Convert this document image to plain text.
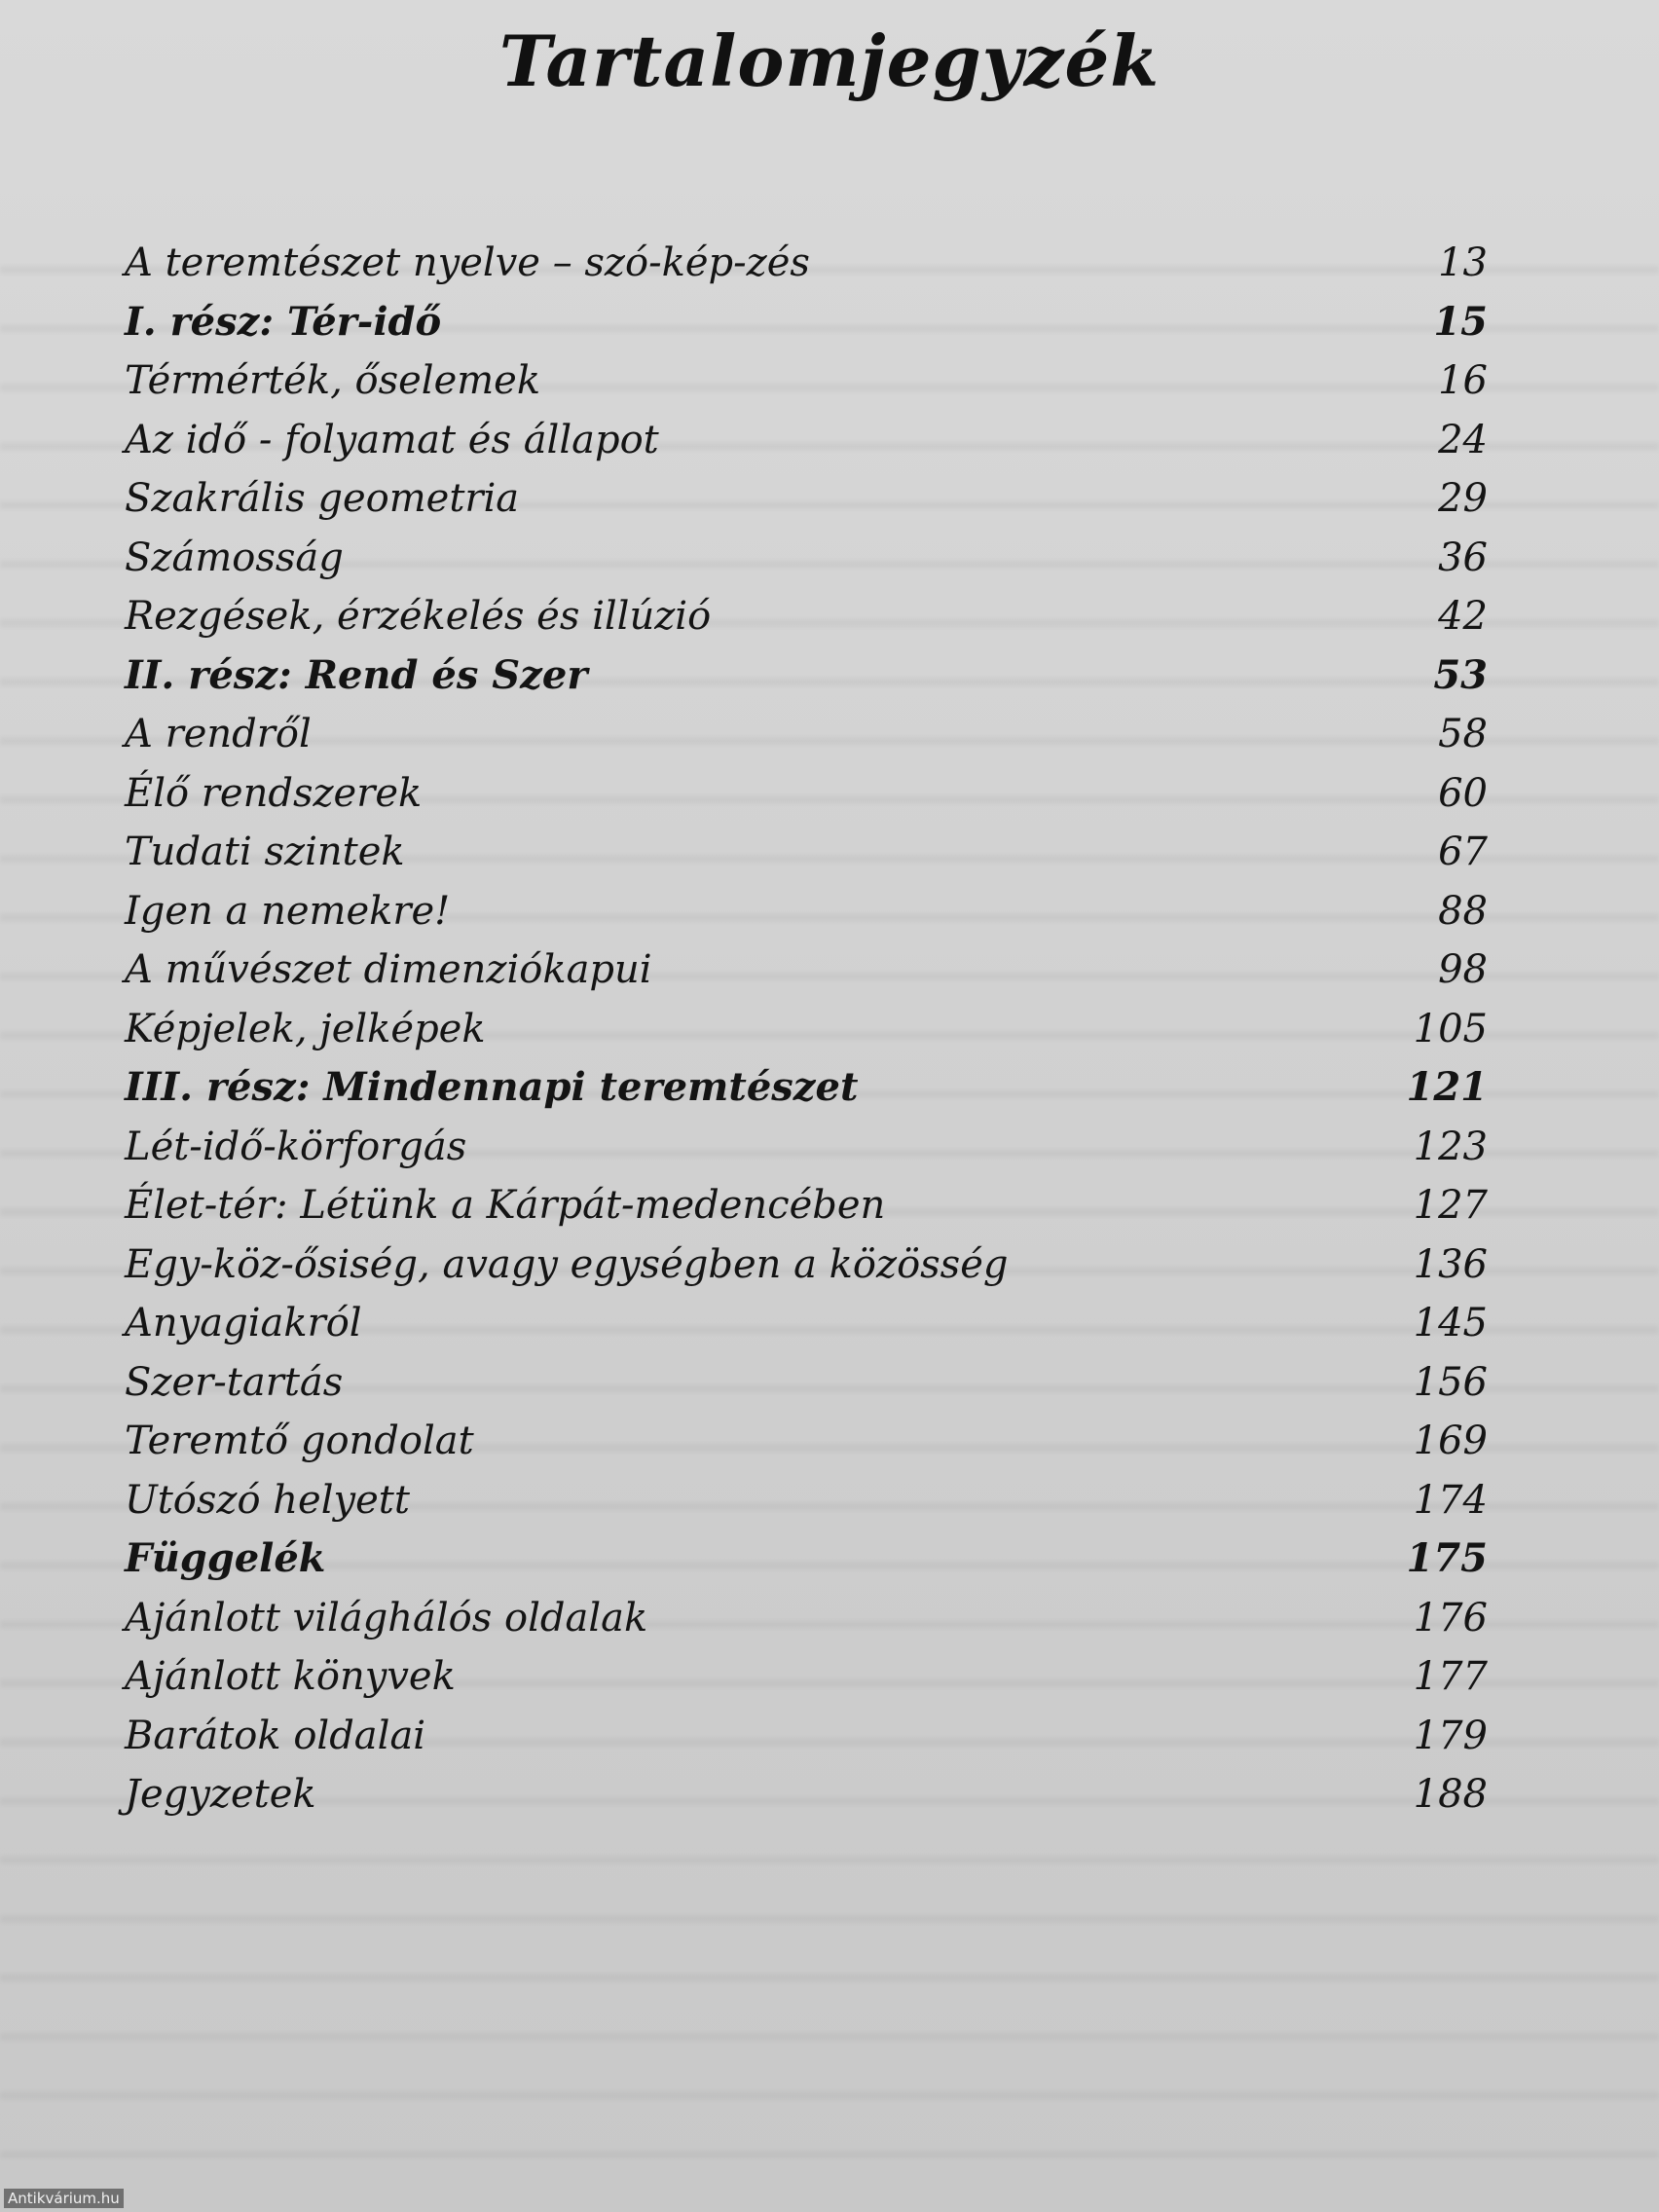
Tartalomjegyzék
A teremtészet nyelve – szó-kép-zés	13
I. rész: Tér-idő	15
Térmérték, őselemek	16
Az idő - folyamat és állapot	24
Szakrális geometria	29
Számosság	36
Rezgések, érzékelés és illúzió	42
II. rész: Rend és Szer	53
A rendről	58
Élő rendszerek	60
Tudati szintek	67
Igen a nemekre!	88
A művészet dimenziókapui	98
Képjelek, jelképek	105
III. rész: Mindennapi teremtészet	121
Lét-idő-körforgás	123
Élet-tér: Létünk a Kárpát-medencében	127
Egy-köz-ősiség, avagy egységben a közösség	136
Anyagiakról	145
Szer-tartás	156
Teremtő gondolat	169
Utószó helyett	174
Függelék	175
Ajánlott világhálós oldalak	176
Ajánlott könyvek	177
Barátok oldalai	179
Jegyzetek	188
Antikvárium.hu
